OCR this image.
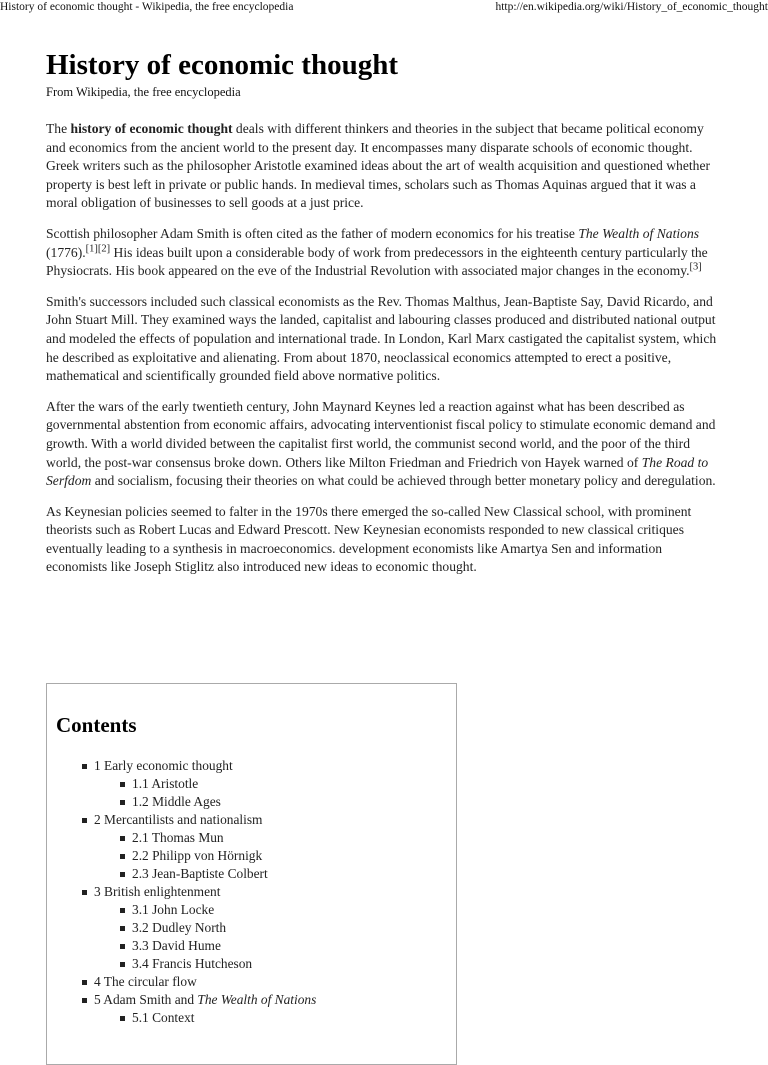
History of economic thought - Wikipedia, the free encyclopedia	http://en.wikipedia.org/wiki/History_of_economic_thought
History of economic thought
From Wikipedia, the free encyclopedia

The history of economic thought deals with different thinkers and theories in the subject that became political economy and economics from the ancient world to the present day. It encompasses many disparate schools of economic thought. Greek writers such as the philosopher Aristotle examined ideas about the art of wealth acquisition and questioned whether property is best left in private or public hands. In medieval times, scholars such as Thomas Aquinas argued that it was a moral obligation of businesses to sell goods at a just price.

Scottish philosopher Adam Smith is often cited as the father of modern economics for his treatise The Wealth of Nations (1776).[1][2] His ideas built upon a considerable body of work from predecessors in the eighteenth century particularly the Physiocrats. His book appeared on the eve of the Industrial Revolution with associated major changes in the economy.[3]

Smith's successors included such classical economists as the Rev. Thomas Malthus, Jean-Baptiste Say, David Ricardo, and John Stuart Mill. They examined ways the landed, capitalist and labouring classes produced and distributed national output and modeled the effects of population and international trade. In London, Karl Marx castigated the capitalist system, which he described as exploitative and alienating. From about 1870, neoclassical economics attempted to erect a positive, mathematical and scientifically grounded field above normative politics.

After the wars of the early twentieth century, John Maynard Keynes led a reaction against what has been described as governmental abstention from economic affairs, advocating interventionist fiscal policy to stimulate economic demand and growth. With a world divided between the capitalist first world, the communist second world, and the poor of the third world, the post-war consensus broke down. Others like Milton Friedman and Friedrich von Hayek warned of The Road to Serfdom and socialism, focusing their theories on what could be achieved through better monetary policy and deregulation.

As Keynesian policies seemed to falter in the 1970s there emerged the so-called New Classical school, with prominent theorists such as Robert Lucas and Edward Prescott. New Keynesian economists responded to new classical critiques eventually leading to a synthesis in macroeconomics. development economists like Amartya Sen and information economists like Joseph Stiglitz also introduced new ideas to economic thought.

Contents
1 Early economic thought
1.1 Aristotle
1.2 Middle Ages
2 Mercantilists and nationalism
2.1 Thomas Mun
2.2 Philipp von Hörnigk
2.3 Jean-Baptiste Colbert
3 British enlightenment
3.1 John Locke
3.2 Dudley North
3.3 David Hume
3.4 Francis Hutcheson
4 The circular flow
5 Adam Smith and The Wealth of Nations
5.1 Context
